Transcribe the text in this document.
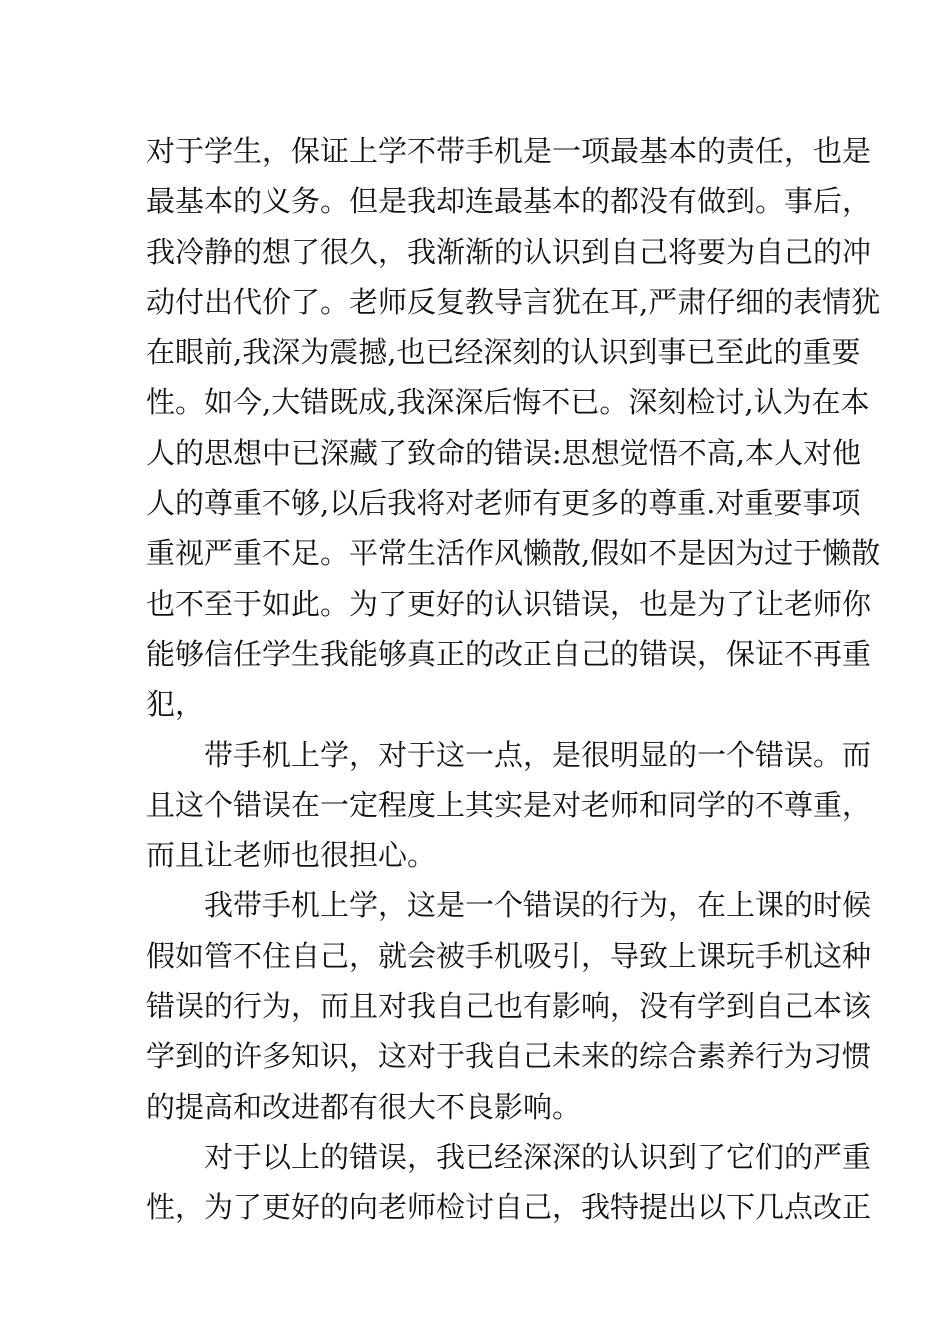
对于学生，保证上学不带手机是一项最基本的责任，也是
最基本的义务。但是我却连最基本的都没有做到。事后，
我冷静的想了很久，我渐渐的认识到自己将要为自己的冲
动付出代价了。老师反复教导言犹在耳,严肃仔细的表情犹
在眼前,我深为震撼,也已经深刻的认识到事已至此的重要
性。如今,大错既成,我深深后悔不已。深刻检讨,认为在本
人的思想中已深藏了致命的错误:思想觉悟不高,本人对他
人的尊重不够,以后我将对老师有更多的尊重.对重要事项
重视严重不足。平常生活作风懒散,假如不是因为过于懒散
也不至于如此。为了更好的认识错误，也是为了让老师你
能够信任学生我能够真正的改正自己的错误，保证不再重
犯，

　　带手机上学，对于这一点，是很明显的一个错误。而
且这个错误在一定程度上其实是对老师和同学的不尊重，
而且让老师也很担心。

　　我带手机上学，这是一个错误的行为，在上课的时候
假如管不住自己，就会被手机吸引，导致上课玩手机这种
错误的行为，而且对我自己也有影响，没有学到自己本该
学到的许多知识，这对于我自己未来的综合素养行为习惯
的提高和改进都有很大不良影响。

　　对于以上的错误，我已经深深的认识到了它们的严重
性，为了更好的向老师检讨自己，我特提出以下几点改正
